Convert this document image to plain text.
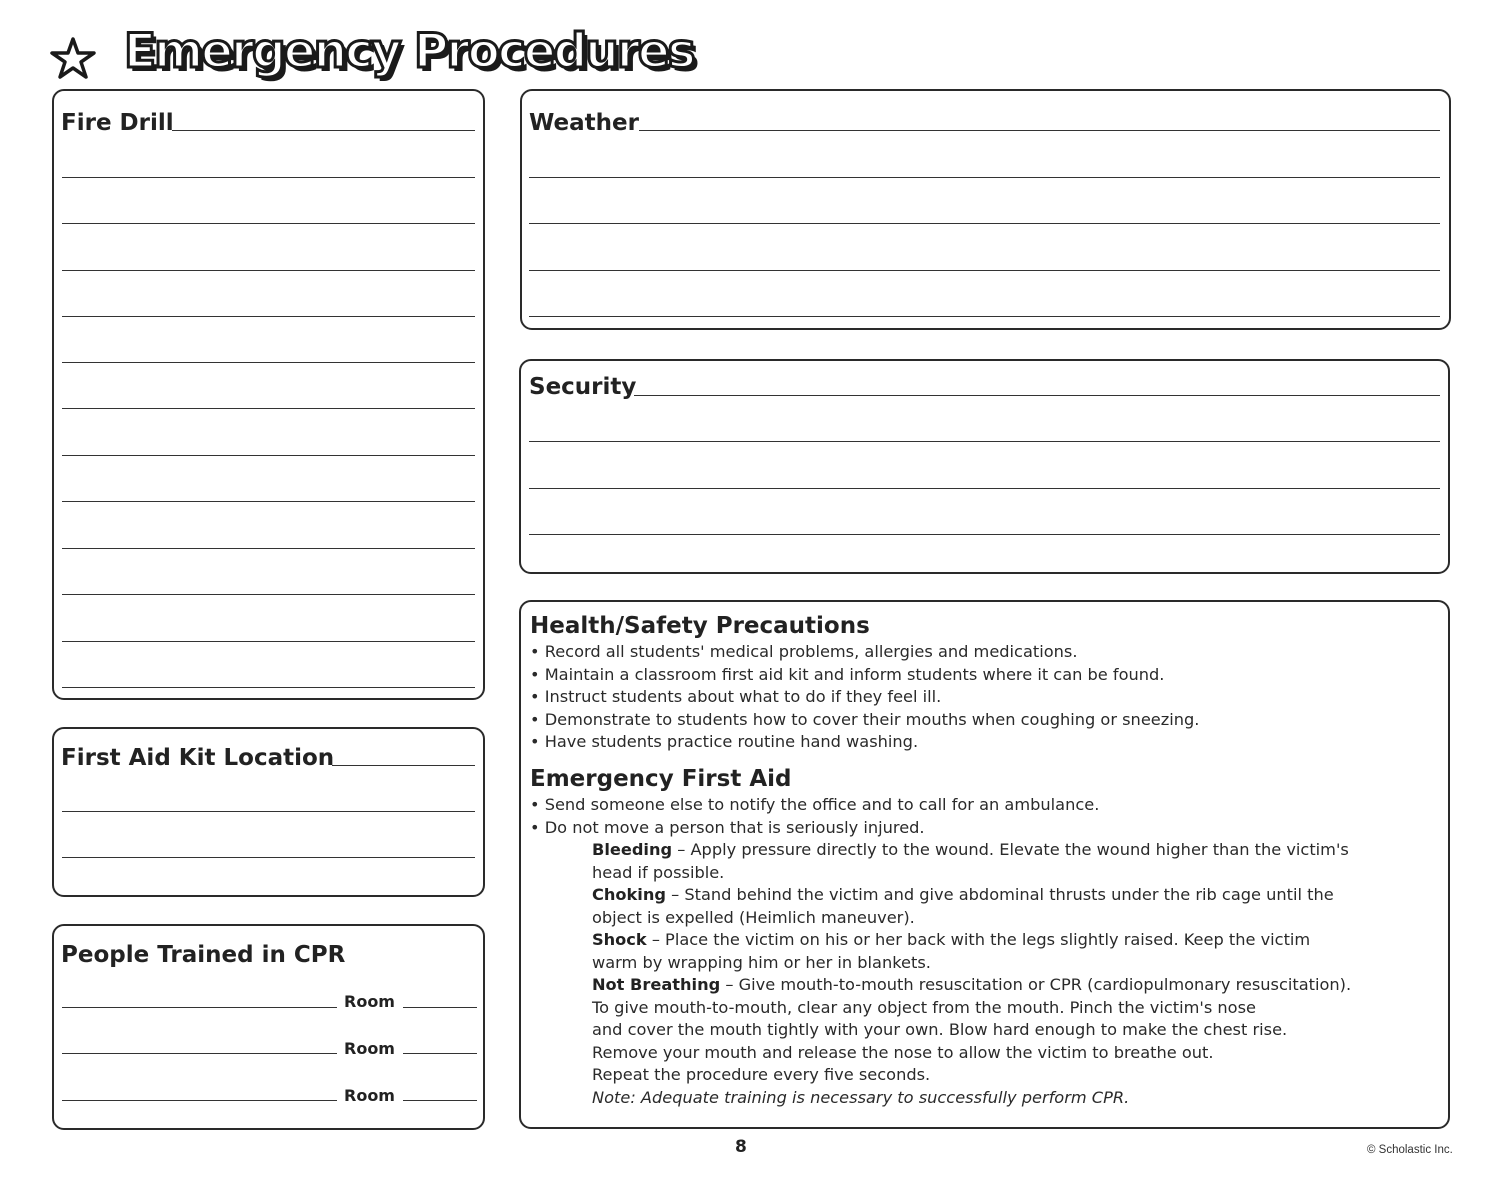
Emergency Procedures
Fire Drill
First Aid Kit Location
People Trained in CPR
Room
Room
Room
Weather
Security
Health/Safety Precautions
• Record all students' medical problems, allergies and medications.
• Maintain a classroom first aid kit and inform students where it can be found.
• Instruct students about what to do if they feel ill.
• Demonstrate to students how to cover their mouths when coughing or sneezing.
• Have students practice routine hand washing.
Emergency First Aid
• Send someone else to notify the office and to call for an ambulance.
• Do not move a person that is seriously injured.
Bleeding – Apply pressure directly to the wound. Elevate the wound higher than the victim's
head if possible.
Choking – Stand behind the victim and give abdominal thrusts under the rib cage until the
object is expelled (Heimlich maneuver).
Shock – Place the victim on his or her back with the legs slightly raised. Keep the victim
warm by wrapping him or her in blankets.
Not Breathing – Give mouth-to-mouth resuscitation or CPR (cardiopulmonary resuscitation).
To give mouth-to-mouth, clear any object from the mouth. Pinch the victim's nose
and cover the mouth tightly with your own. Blow hard enough to make the chest rise.
Remove your mouth and release the nose to allow the victim to breathe out.
Repeat the procedure every five seconds.
Note: Adequate training is necessary to successfully perform CPR.
8	© Scholastic Inc.
